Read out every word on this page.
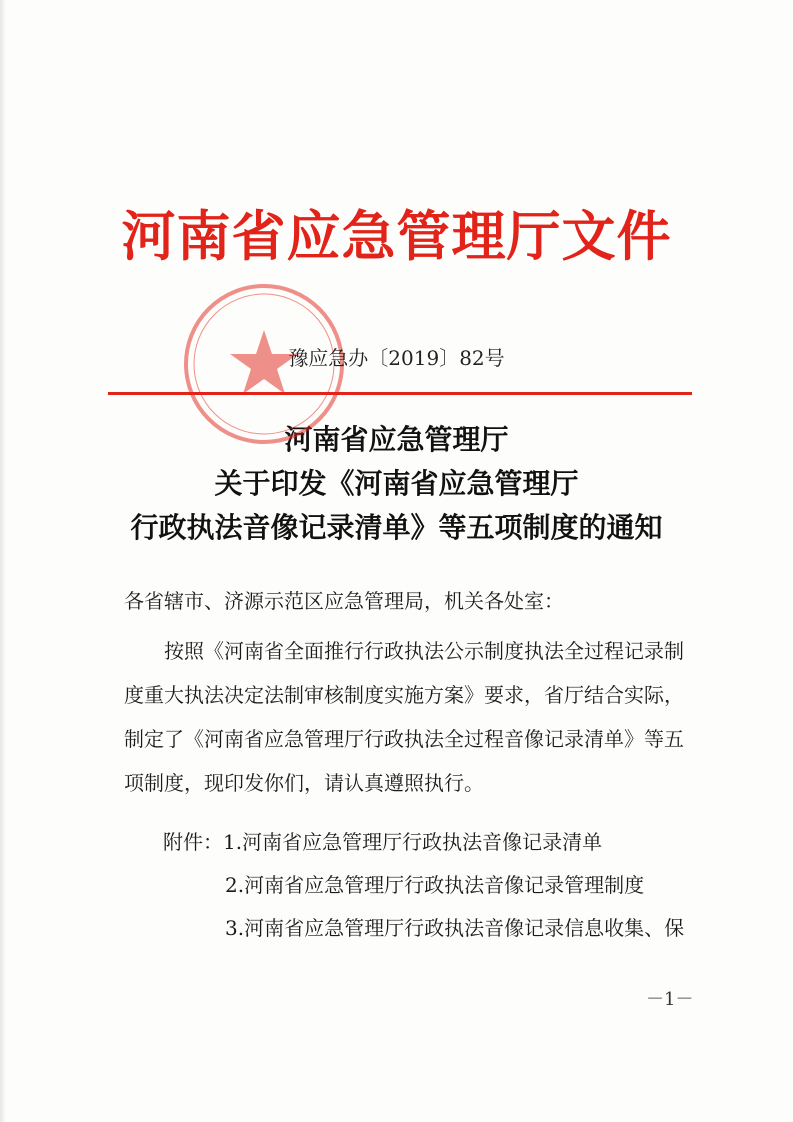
河南省应急管理厅文件
豫应急办〔2019〕82号
河南省应急管理厅
关于印发《河南省应急管理厅
行政执法音像记录清单》等五项制度的通知
各省辖市、济源示范区应急管理局，机关各处室：
　　按照《河南省全面推行行政执法公示制度执法全过程记录制
度重大执法决定法制审核制度实施方案》要求，省厅结合实际，
制定了《河南省应急管理厅行政执法全过程音像记录清单》等五
项制度，现印发你们，请认真遵照执行。
附件：1.河南省应急管理厅行政执法音像记录清单
2.河南省应急管理厅行政执法音像记录管理制度
3.河南省应急管理厅行政执法音像记录信息收集、保
－1－
